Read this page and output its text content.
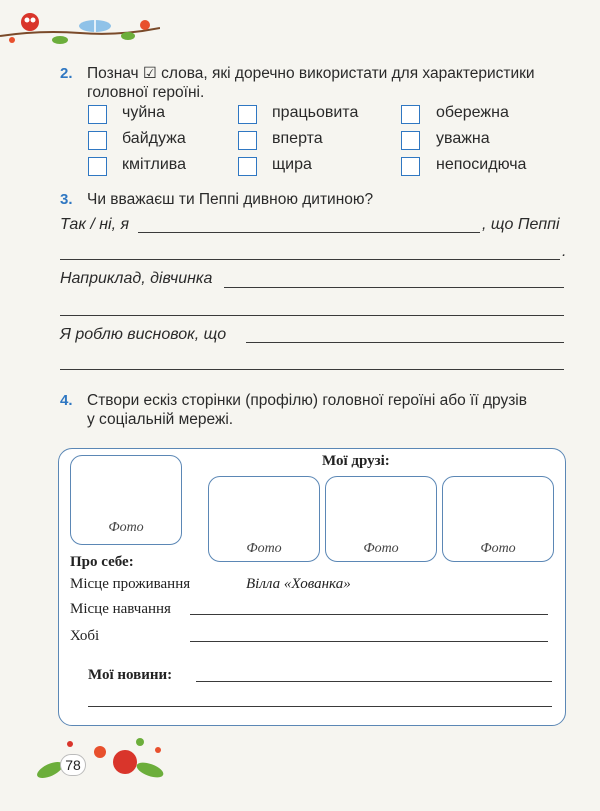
2. Познач ☑ слова, які доречно використати для характеристики
головної героїні.
чуйна	працьовита	обережна
байдужа	вперта	уважна
кмітлива	щира	непосидюча
3. Чи вважаєш ти Пеппі дивною дитиною?
Так / ні, я	, що Пеппі
.
Наприклад, дівчинка
Я роблю висновок, що
4. Створи ескіз сторінки (профілю) головної героїні або її друзів
у соціальній мережі.
Фото
Мої друзі:
Фото	Фото	Фото
Про себе:
Місце проживання	Вілла «Хованка»
Місце навчання
Хобі
Мої новини:
78
